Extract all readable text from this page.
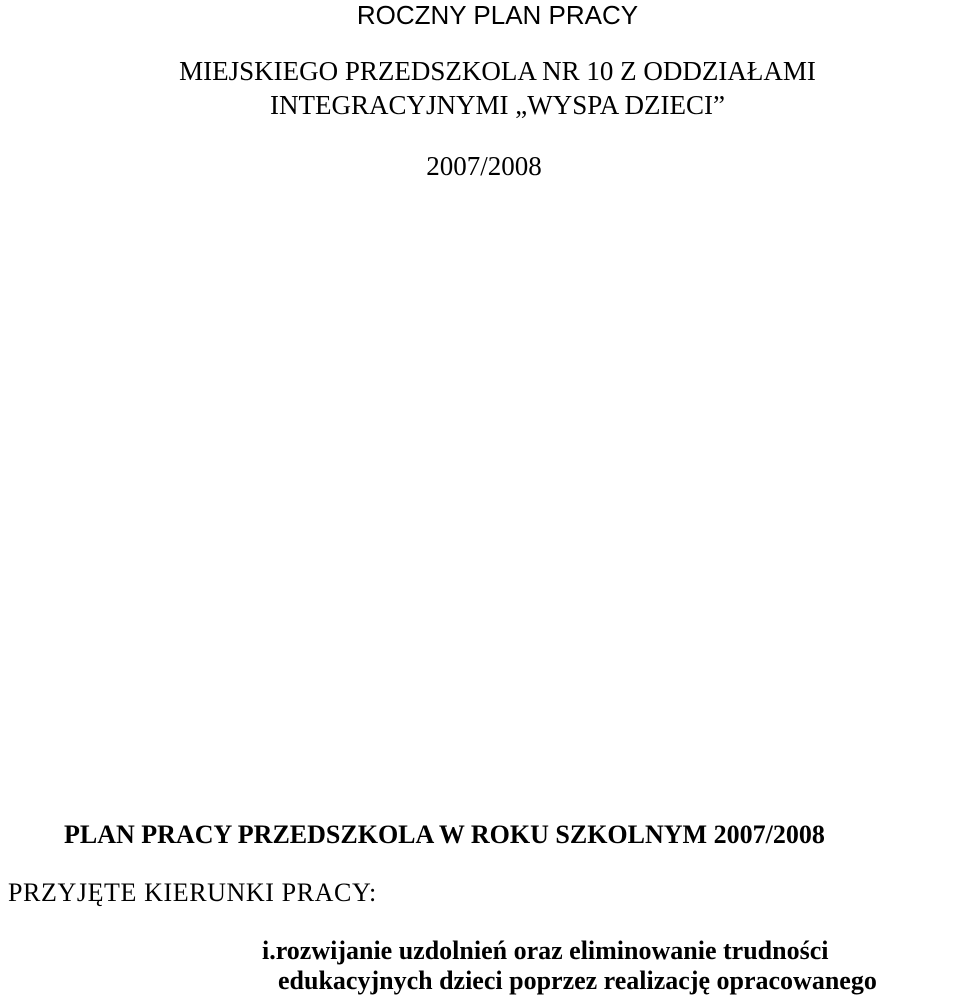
ROCZNY PLAN PRACY
MIEJSKIEGO PRZEDSZKOLA NR 10 Z ODDZIAŁAMI
INTEGRACYJNYMI „WYSPA DZIECI”
2007/2008
PLAN PRACY PRZEDSZKOLA W ROKU SZKOLNYM 2007/2008
PRZYJĘTE KIERUNKI PRACY:
i.rozwijanie uzdolnień oraz eliminowanie trudności
edukacyjnych dzieci poprzez realizację opracowanego
